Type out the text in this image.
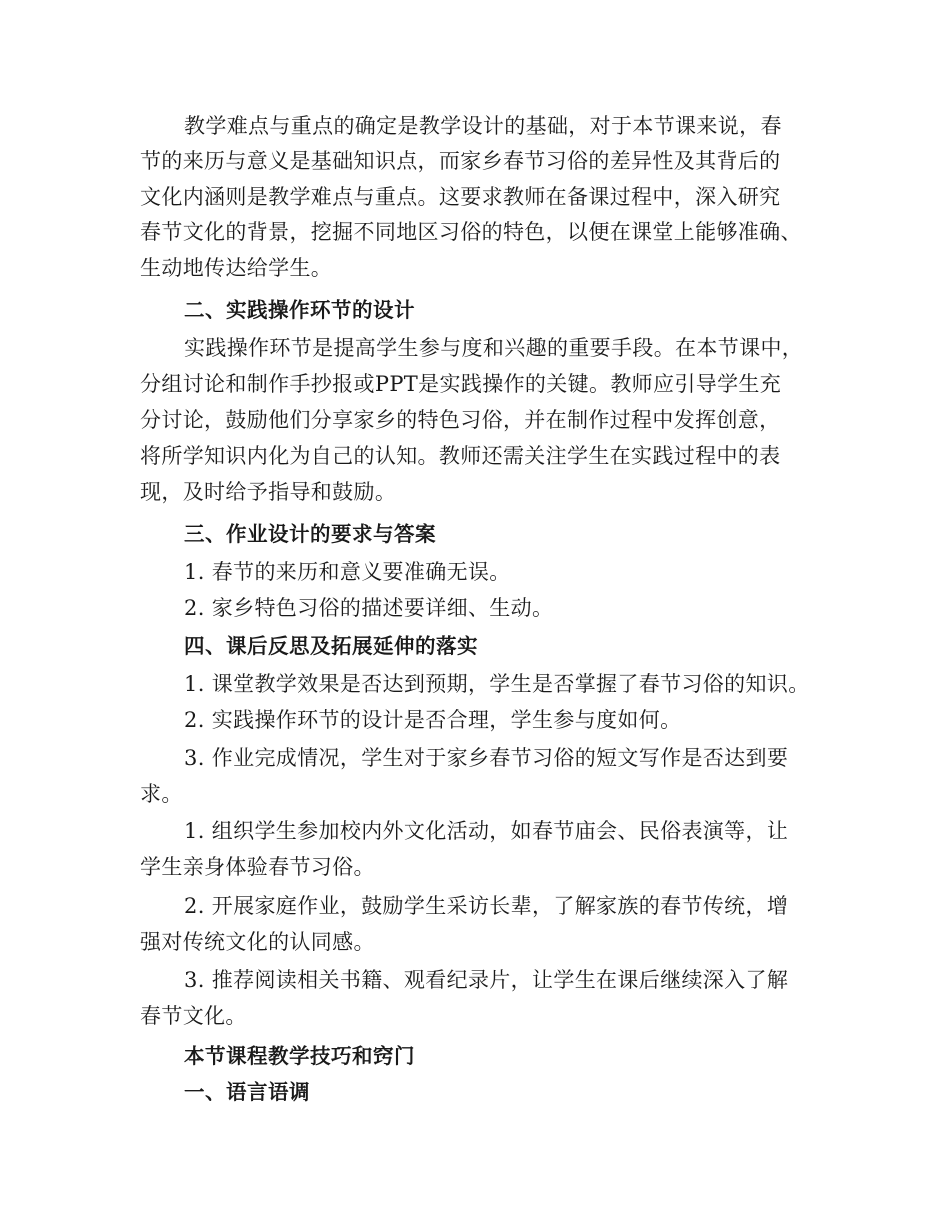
教学难点与重点的确定是教学设计的基础，对于本节课来说，春

节的来历与意义是基础知识点，而家乡春节习俗的差异性及其背后的

文化内涵则是教学难点与重点。这要求教师在备课过程中，深入研究

春节文化的背景，挖掘不同地区习俗的特色，以便在课堂上能够准确、

生动地传达给学生。

二、实践操作环节的设计

实践操作环节是提高学生参与度和兴趣的重要手段。在本节课中，

分组讨论和制作手抄报或PPT是实践操作的关键。教师应引导学生充

分讨论，鼓励他们分享家乡的特色习俗，并在制作过程中发挥创意，

将所学知识内化为自己的认知。教师还需关注学生在实践过程中的表

现，及时给予指导和鼓励。

三、作业设计的要求与答案

1. 春节的来历和意义要准确无误。

2. 家乡特色习俗的描述要详细、生动。

四、课后反思及拓展延伸的落实

1. 课堂教学效果是否达到预期，学生是否掌握了春节习俗的知识。

2. 实践操作环节的设计是否合理，学生参与度如何。

3. 作业完成情况，学生对于家乡春节习俗的短文写作是否达到要

求。

1. 组织学生参加校内外文化活动，如春节庙会、民俗表演等，让

学生亲身体验春节习俗。

2. 开展家庭作业，鼓励学生采访长辈，了解家族的春节传统，增

强对传统文化的认同感。

3. 推荐阅读相关书籍、观看纪录片，让学生在课后继续深入了解

春节文化。

本节课程教学技巧和窍门

一、语言语调
